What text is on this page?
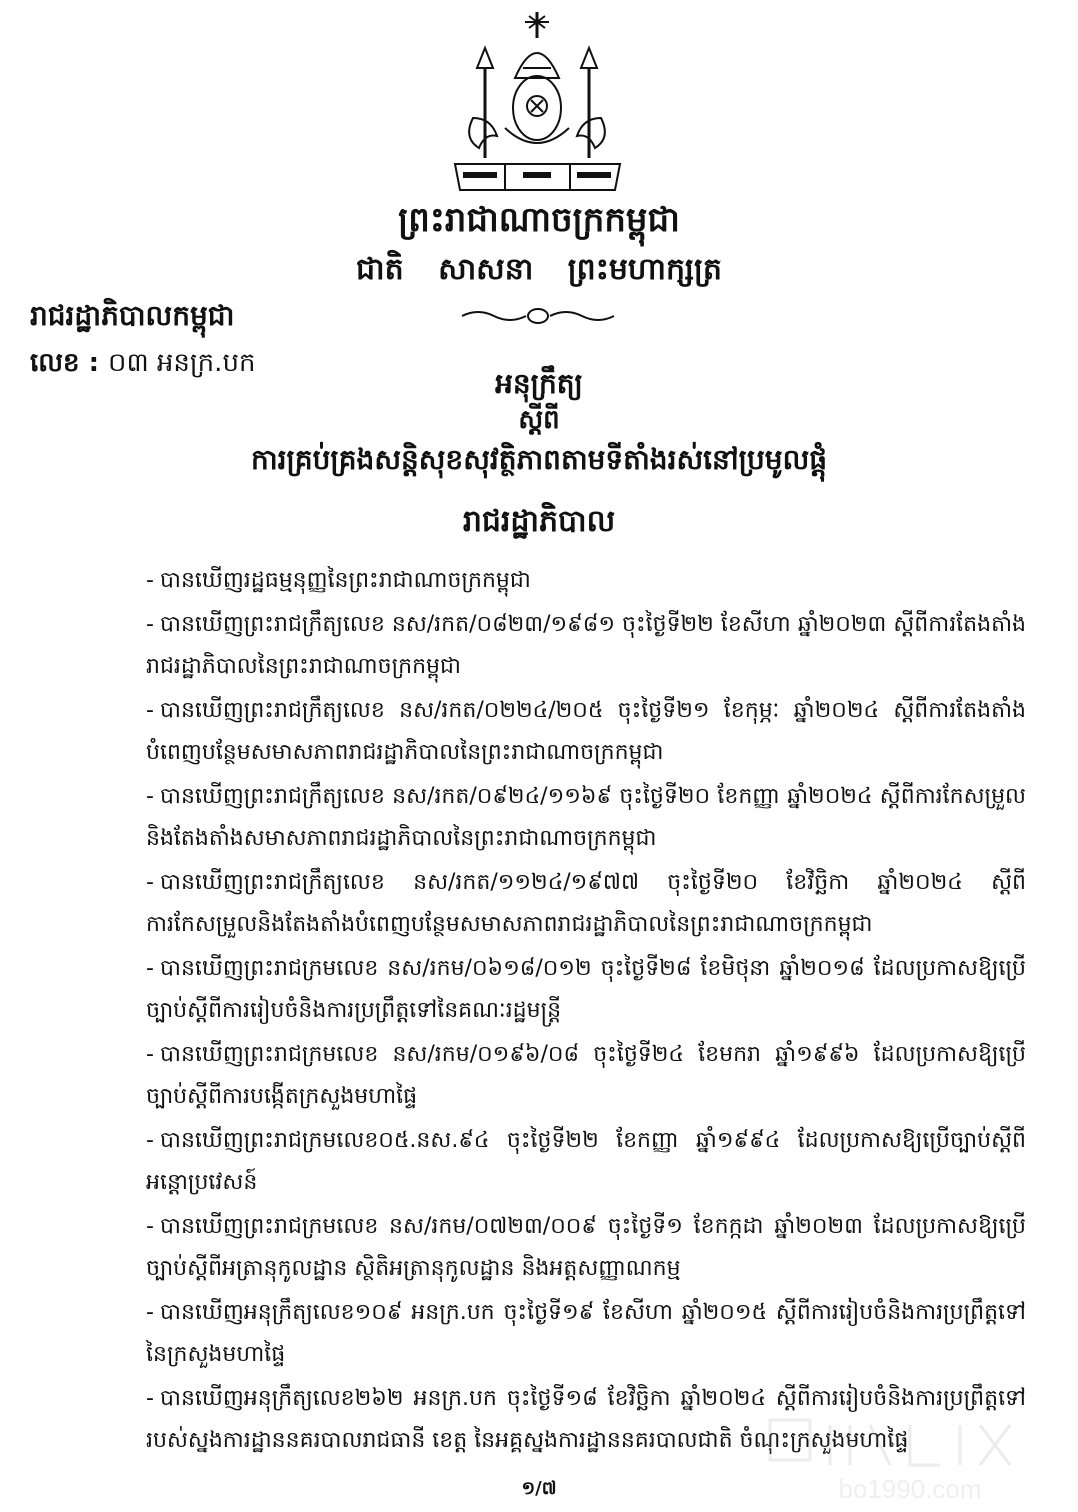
ព្រះរាជាណាចក្រកម្ពុជា
ជាតិ សាសនា ព្រះមហាក្សត្រ
រាជរដ្ឋាភិបាលកម្ពុជា
លេខ : ០៣ អនក្រ.បក
អនុក្រឹត្យ
ស្ដីពី
ការគ្រប់គ្រងសន្តិសុខសុវត្ថិភាពតាមទីតាំងរស់នៅប្រមូលផ្តុំ
រាជរដ្ឋាភិបាល
- បានឃើញរដ្ឋធម្មនុញ្ញនៃព្រះរាជាណាចក្រកម្ពុជា
- បានឃើញព្រះរាជក្រឹត្យលេខ នស/រកត/០៨២៣/១៩៨១ ចុះថ្ងៃទី២២ ខែសីហា ឆ្នាំ២០២៣ ស្ដីពីការតែងតាំងរាជរដ្ឋាភិបាលនៃព្រះរាជាណាចក្រកម្ពុជា
- បានឃើញព្រះរាជក្រឹត្យលេខ នស/រកត/០២២៤/២០៥ ចុះថ្ងៃទី២១ ខែកុម្ភៈ ឆ្នាំ២០២៤ ស្ដីពីការតែងតាំងបំពេញបន្ថែមសមាសភាពរាជរដ្ឋាភិបាលនៃព្រះរាជាណាចក្រកម្ពុជា
- បានឃើញព្រះរាជក្រឹត្យលេខ នស/រកត/០៩២៤/១១៦៩ ចុះថ្ងៃទី២០ ខែកញ្ញា ឆ្នាំ២០២៤ ស្ដីពីការកែសម្រួលនិងតែងតាំងសមាសភាពរាជរដ្ឋាភិបាលនៃព្រះរាជាណាចក្រកម្ពុជា
- បានឃើញព្រះរាជក្រឹត្យលេខ នស/រកត/១១២៤/១៩៧៧ ចុះថ្ងៃទី២០ ខែវិច្ឆិកា ឆ្នាំ២០២៤ ស្ដីពីការកែសម្រួលនិងតែងតាំងបំពេញបន្ថែមសមាសភាពរាជរដ្ឋាភិបាលនៃព្រះរាជាណាចក្រកម្ពុជា
- បានឃើញព្រះរាជក្រមលេខ នស/រកម/០៦១៨/០១២ ចុះថ្ងៃទី២៨ ខែមិថុនា ឆ្នាំ២០១៨ ដែលប្រកាសឱ្យប្រើច្បាប់ស្ដីពីការរៀបចំនិងការប្រព្រឹត្តទៅនៃគណៈរដ្ឋមន្ត្រី
- បានឃើញព្រះរាជក្រមលេខ នស/រកម/០១៩៦/០៨ ចុះថ្ងៃទី២៤ ខែមករា ឆ្នាំ១៩៩៦ ដែលប្រកាសឱ្យប្រើច្បាប់ស្ដីពីការបង្កើតក្រសួងមហាផ្ទៃ
- បានឃើញព្រះរាជក្រមលេខ០៥.នស.៩៤ ចុះថ្ងៃទី២២ ខែកញ្ញា ឆ្នាំ១៩៩៤ ដែលប្រកាសឱ្យប្រើច្បាប់ស្ដីពីអន្តោប្រវេសន៍
- បានឃើញព្រះរាជក្រមលេខ នស/រកម/០៧២៣/០០៩ ចុះថ្ងៃទី១ ខែកក្កដា ឆ្នាំ២០២៣ ដែលប្រកាសឱ្យប្រើច្បាប់ស្ដីពីអត្រានុកូលដ្ឋាន ស្ថិតិអត្រានុកូលដ្ឋាន និងអត្តសញ្ញាណកម្ម
- បានឃើញអនុក្រឹត្យលេខ១០៩ អនក្រ.បក ចុះថ្ងៃទី១៩ ខែសីហា ឆ្នាំ២០១៥ ស្ដីពីការរៀបចំនិងការប្រព្រឹត្តទៅនៃក្រសួងមហាផ្ទៃ
- បានឃើញអនុក្រឹត្យលេខ២៦២ អនក្រ.បក ចុះថ្ងៃទី១៨ ខែវិច្ឆិកា ឆ្នាំ២០២៤ ស្ដីពីការរៀបចំនិងការប្រព្រឹត្តទៅរបស់ស្នងការដ្ឋាននគរបាលរាជធានី ខេត្ត នៃអគ្គស្នងការដ្ឋាននគរបាលជាតិ ចំណុះក្រសួងមហាផ្ទៃ
១/៧	bo1990.com
